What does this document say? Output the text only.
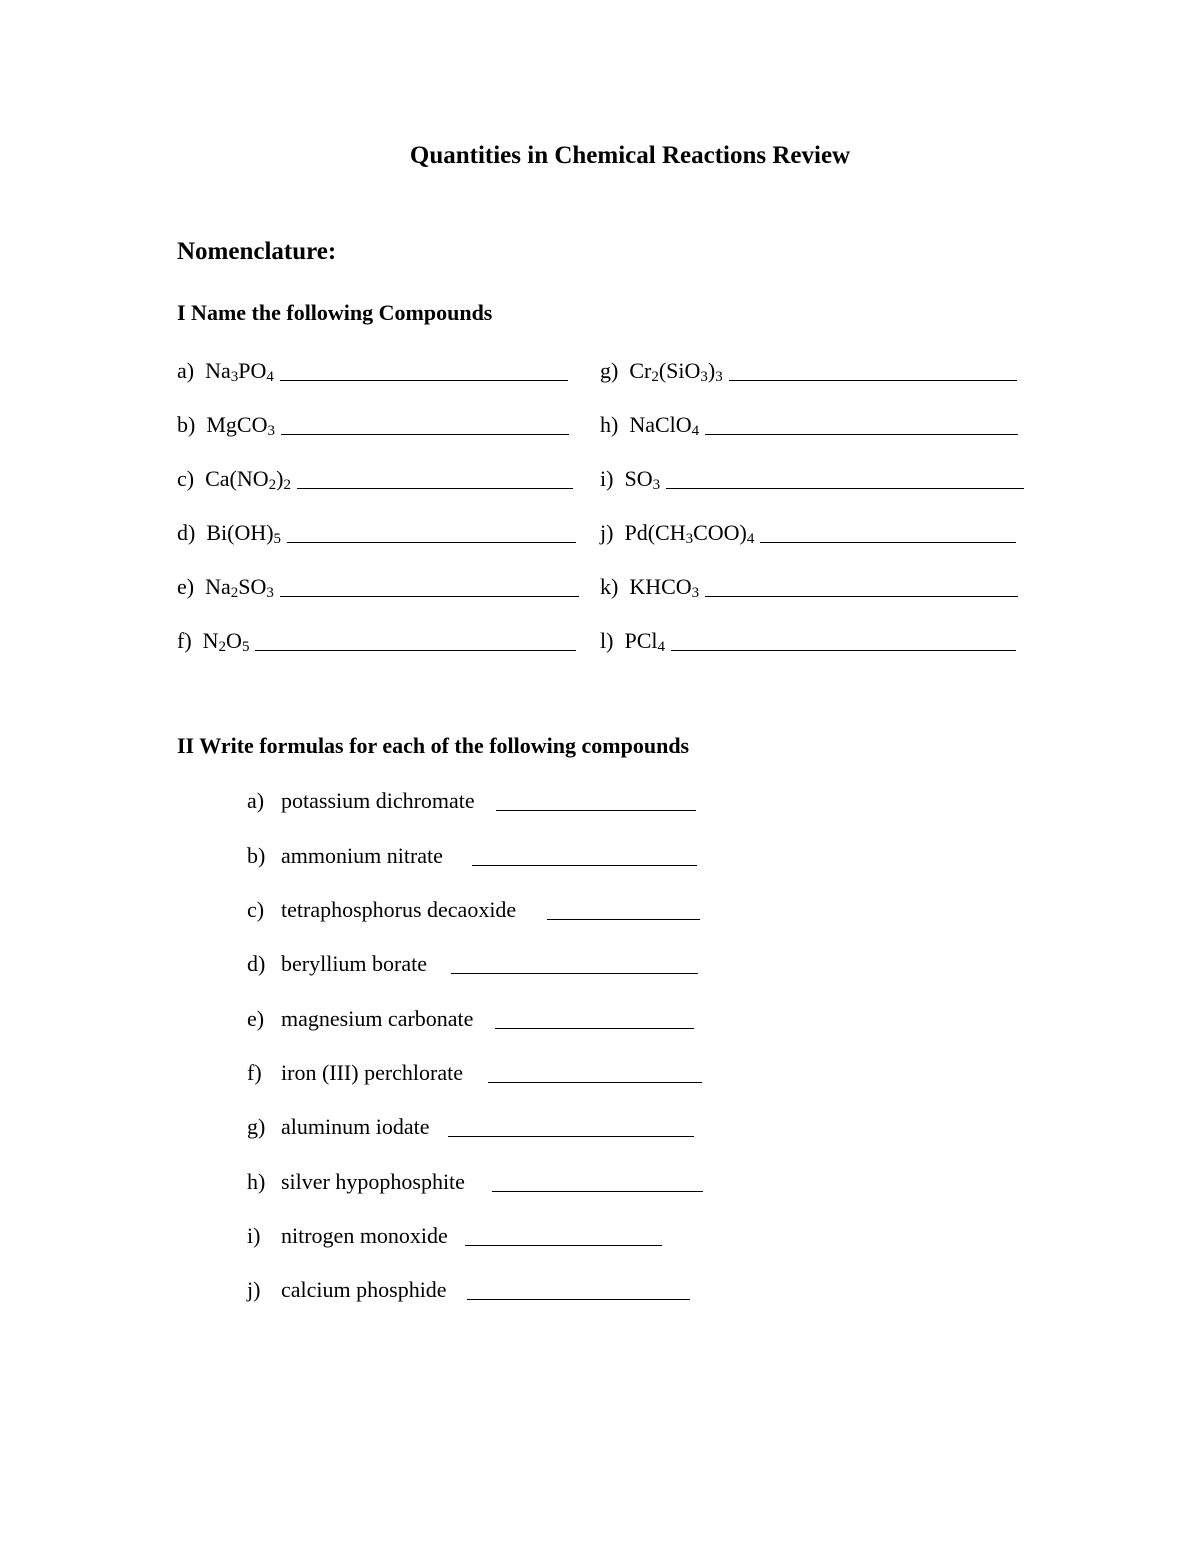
Quantities in Chemical Reactions Review
Nomenclature:
I Name the following Compounds
a) $Na_3PO_4$
b) MgCO$_3$
c) $Ca(NO_2)_2$
d) $Bi(OH)_5$
e) $Na_2SO_3$
f) $N_2O_5$
g) $Cr_2(SiO_3)_3$
h) NaClO$_4$
i) $SO_3$
j) $Pd(CH_3COO)_4$
k) $KHCO_3$
l) PCl$_4$
II Write formulas for each of the following compounds
a) potassium dichromate
b) ammonium nitrate
c) tetraphosphorus decaoxide
d) beryllium borate
e) magnesium carbonate
f) iron (III) perchlorate
g) aluminum iodate
h) silver hypophosphite
i) nitrogen monoxide
j) calcium phosphide
